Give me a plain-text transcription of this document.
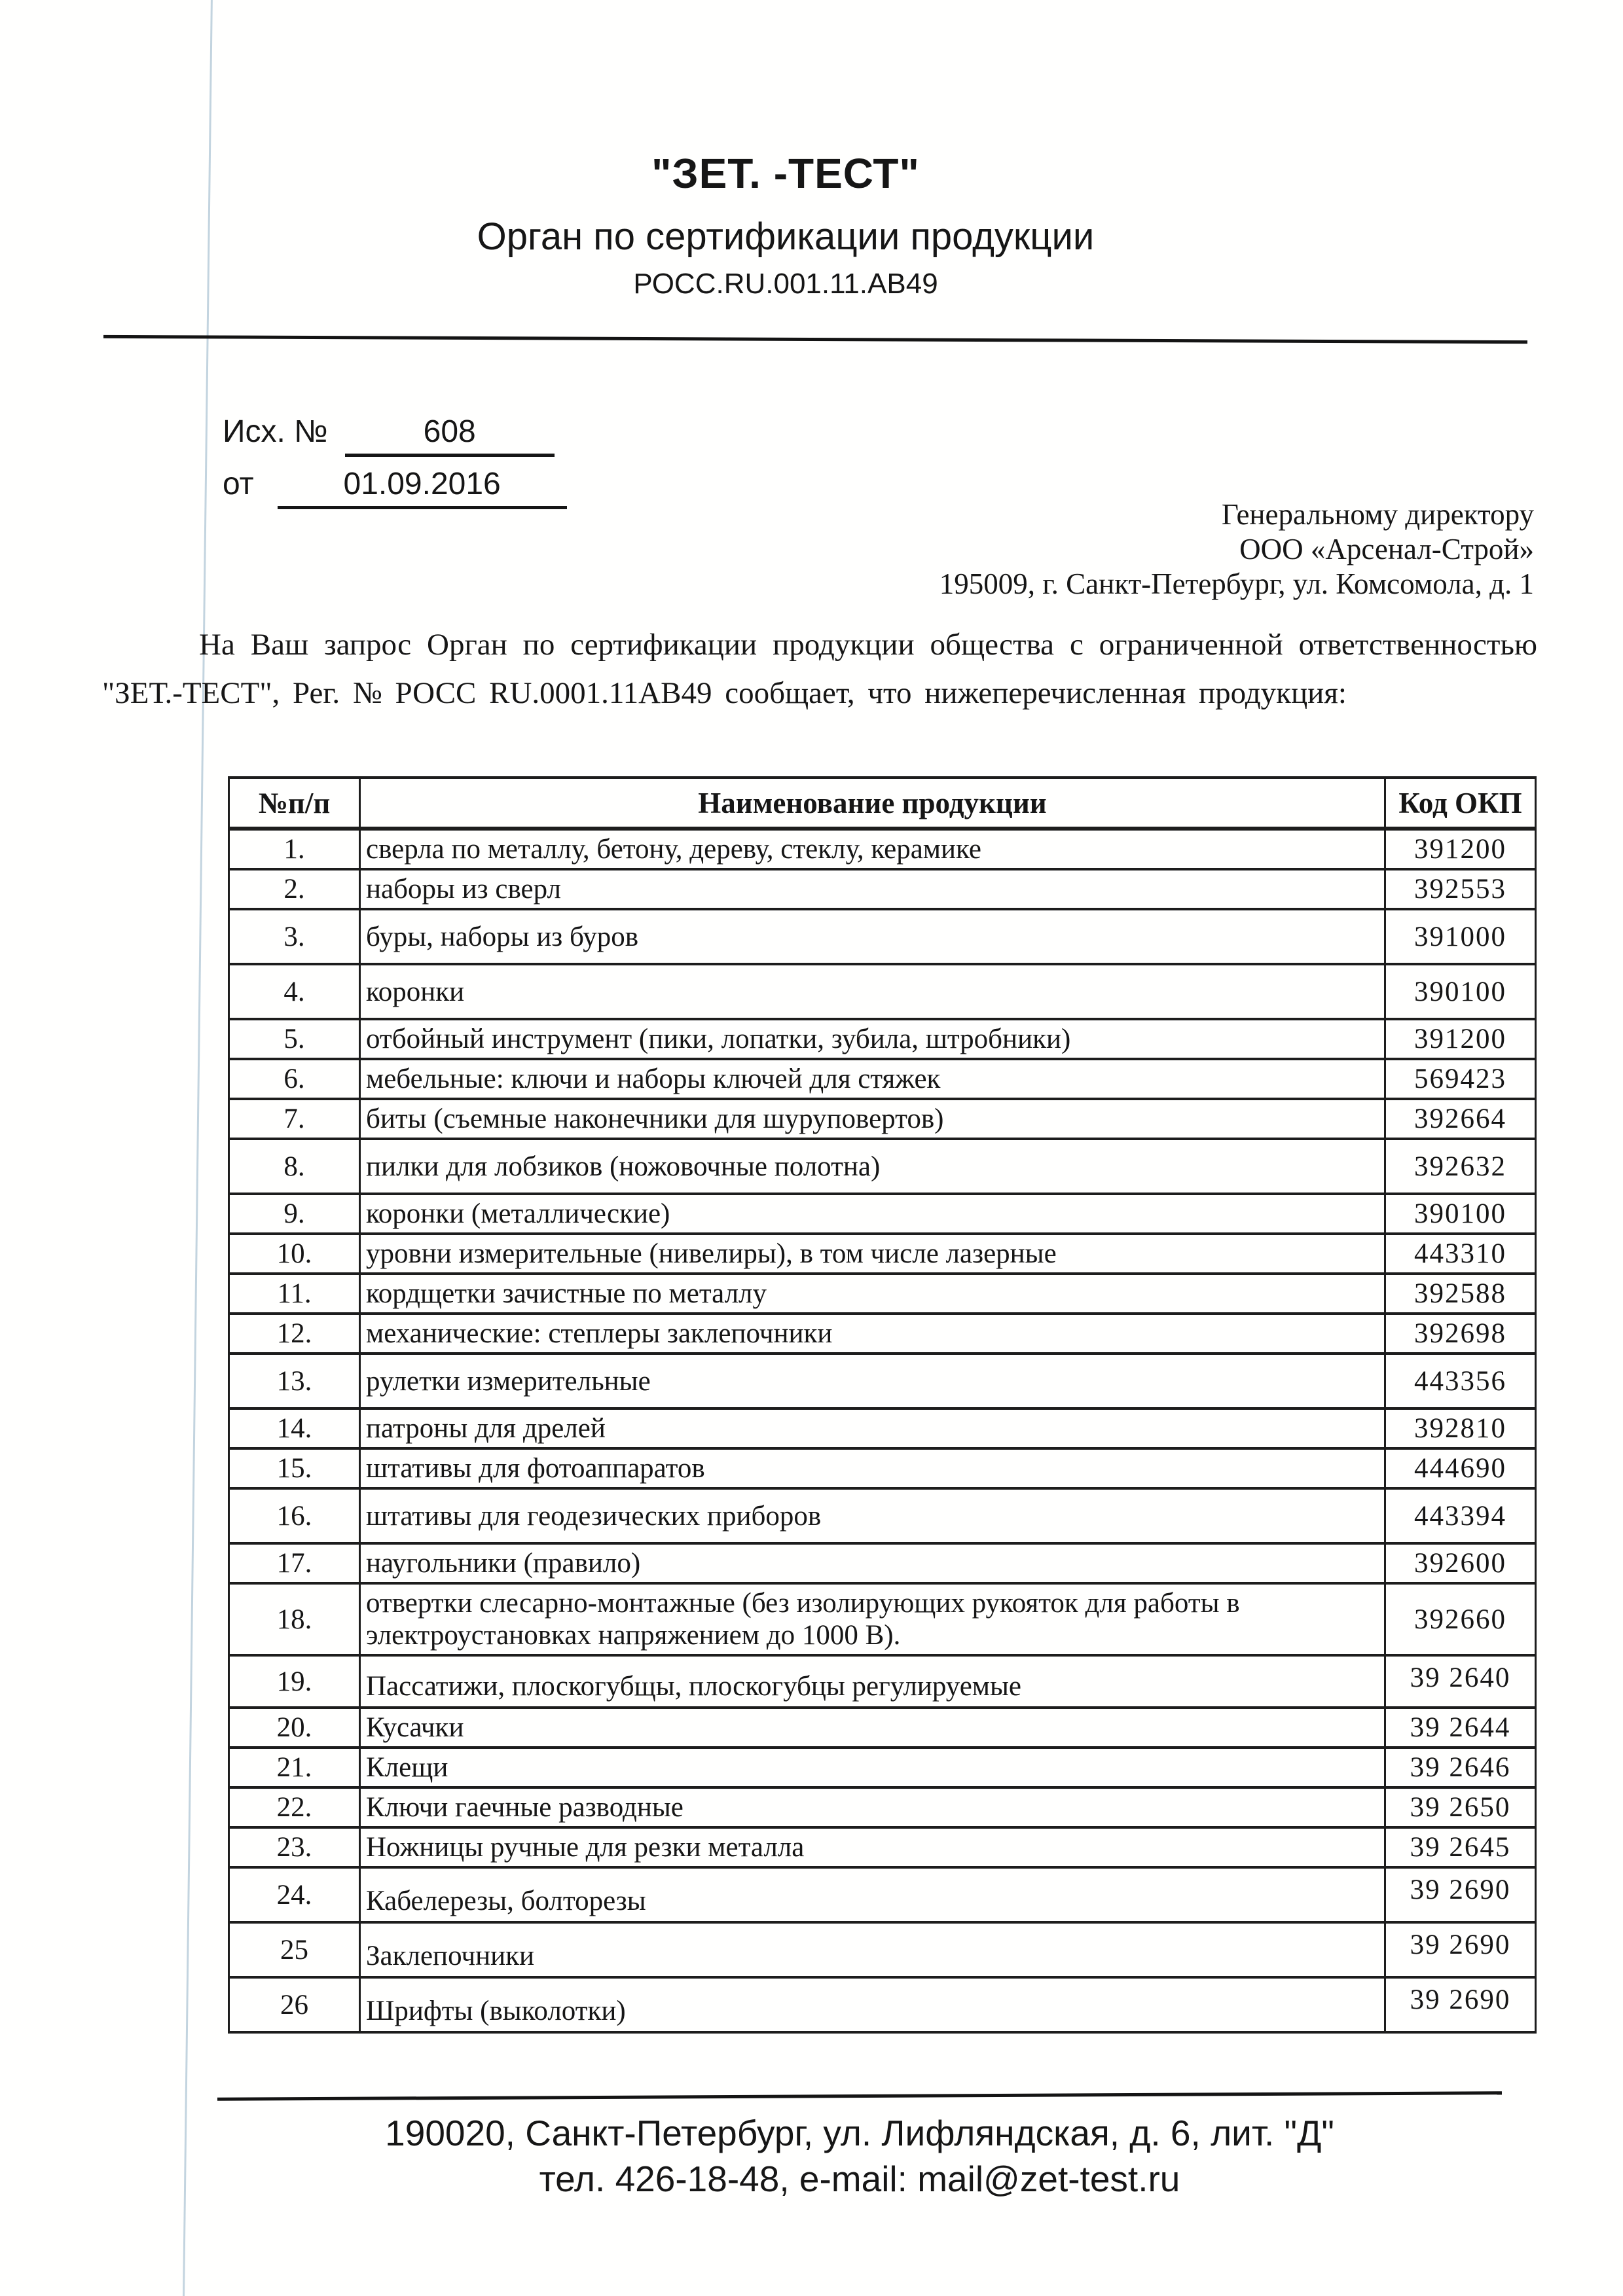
"ЗЕТ. -ТЕСТ"
Орган по сертификации продукции
РОСС.RU.001.11.АВ49
Исх. №	608
от	01.09.2016
Генеральному директору
ООО «Арсенал-Строй»
195009, г. Санкт-Петербург, ул. Комсомола, д. 1
На Ваш запрос Орган по сертификации продукции общества с ограниченной ответственностью "ЗЕТ.-ТЕСТ", Рег. № РОСС RU.0001.11АВ49 сообщает, что нижеперечисленная продукция:
№п/п	Наименование продукции	Код ОКП
1.	сверла по металлу, бетону, дереву, стеклу, керамике	391200
2.	наборы из сверл	392553
3.	буры, наборы из буров	391000
4.	коронки	390100
5.	отбойный инструмент (пики, лопатки, зубила, штробники)	391200
6.	мебельные: ключи и наборы ключей для стяжек	569423
7.	биты (съемные наконечники для шуруповертов)	392664
8.	пилки для лобзиков (ножовочные полотна)	392632
9.	коронки (металлические)	390100
10.	уровни измерительные (нивелиры), в том числе лазерные	443310
11.	кордщетки зачистные по металлу	392588
12.	механические: степлеры заклепочники	392698
13.	рулетки измерительные	443356
14.	патроны для дрелей	392810
15.	штативы для фотоаппаратов	444690
16.	штативы для геодезических приборов	443394
17.	наугольники (правило)	392600
18.	отвертки слесарно-монтажные (без изолирующих рукояток для работы в электроустановках напряжением до 1000 В).	392660
19.	Пассатижи, плоскогубщы, плоскогубцы регулируемые	39 2640
20.	Кусачки	39 2644
21.	Клещи	39 2646
22.	Ключи гаечные разводные	39 2650
23.	Ножницы ручные для резки металла	39 2645
24.	Кабелерезы, болторезы	39 2690
25	Заклепочники	39 2690
26	Шрифты (выколотки)	39 2690
190020, Санкт-Петербург, ул. Лифляндская, д. 6, лит. "Д"
тел. 426-18-48, e-mail: mail@zet-test.ru
